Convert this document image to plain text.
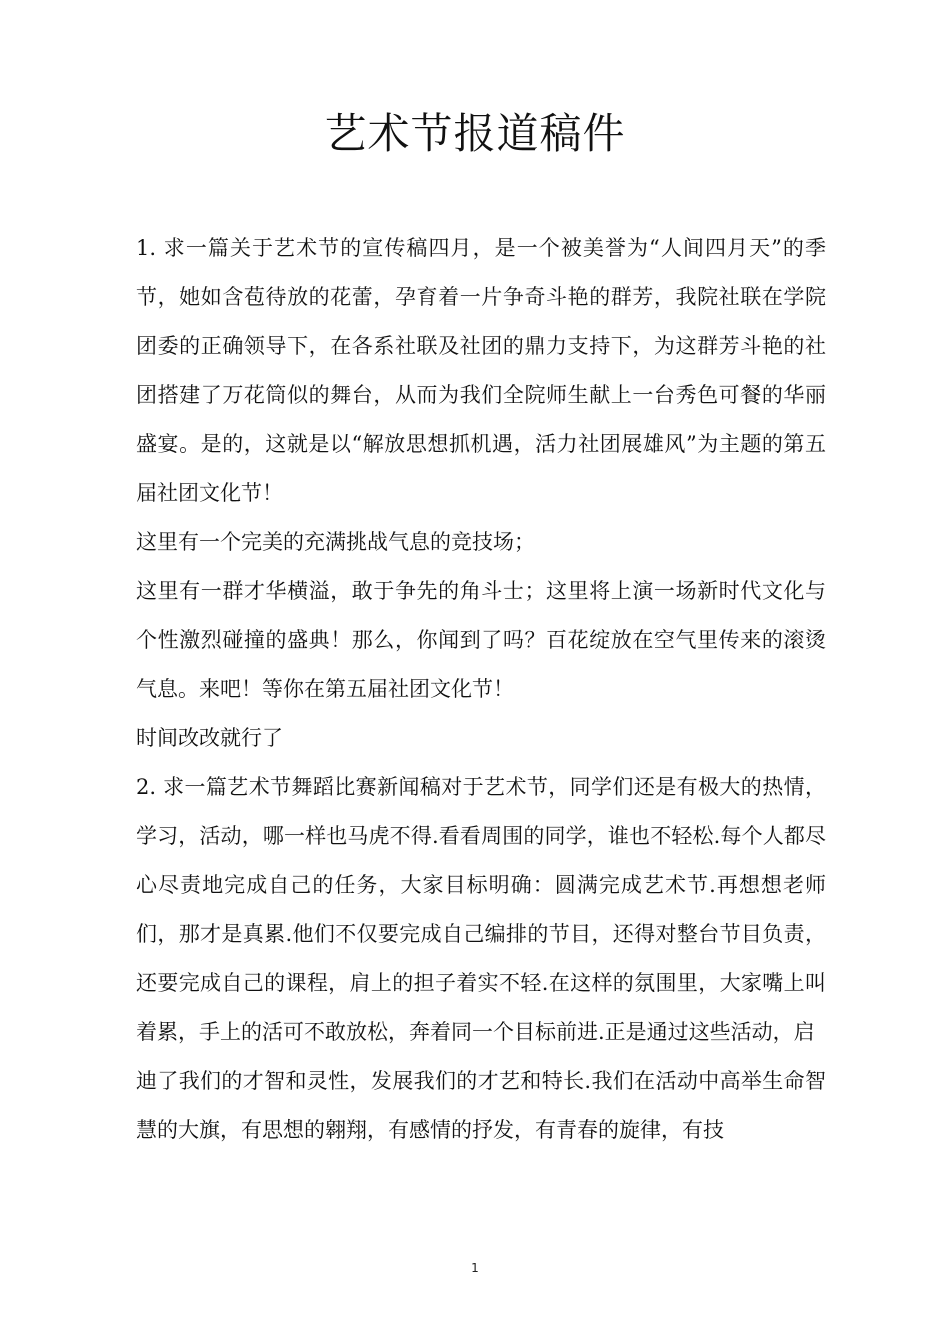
艺术节报道稿件

1. 求一篇关于艺术节的宣传稿四月，是一个被美誉为“人间四月天”的季节，她如含苞待放的花蕾，孕育着一片争奇斗艳的群芳，我院社联在学院团委的正确领导下，在各系社联及社团的鼎力支持下，为这群芳斗艳的社团搭建了万花筒似的舞台，从而为我们全院师生献上一台秀色可餐的华丽盛宴。是的，这就是以“解放思想抓机遇，活力社团展雄风”为主题的第五届社团文化节！

这里有一个完美的充满挑战气息的竞技场；

这里有一群才华横溢，敢于争先的角斗士；这里将上演一场新时代文化与个性激烈碰撞的盛典！那么，你闻到了吗？百花绽放在空气里传来的滚烫气息。来吧！等你在第五届社团文化节！

时间改改就行了

2. 求一篇艺术节舞蹈比赛新闻稿对于艺术节，同学们还是有极大的热情，学习，活动，哪一样也马虎不得.看看周围的同学，谁也不轻松.每个人都尽心尽责地完成自己的任务，大家目标明确：圆满完成艺术节.再想想老师们，那才是真累.他们不仅要完成自己编排的节目，还得对整台节目负责，还要完成自己的课程，肩上的担子着实不轻.在这样的氛围里，大家嘴上叫着累，手上的活可不敢放松，奔着同一个目标前进.正是通过这些活动，启

迪了我们的才智和灵性，发展我们的才艺和特长.我们在活动中高举生命智慧的大旗，有思想的翱翔，有感情的抒发，有青春的旋律，有技

1
